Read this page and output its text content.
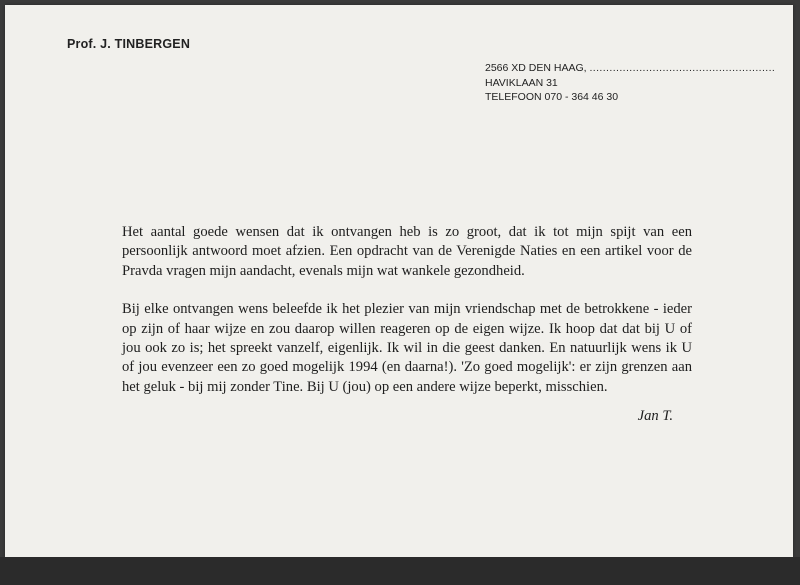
Prof. J. TINBERGEN
2566 XD DEN HAAG, ........................................................
HAVIKLAAN 31
TELEFOON 070 - 364 46 30

Het aantal goede wensen dat ik ontvangen heb is zo groot, dat ik tot mijn spijt van een persoonlijk antwoord moet afzien. Een opdracht van de Verenigde Naties en een artikel voor de Pravda vragen mijn aandacht, evenals mijn wat wankele gezondheid.

Bij elke ontvangen wens beleefde ik het plezier van mijn vriendschap met de betrokkene - ieder op zijn of haar wijze en zou daarop willen reageren op de eigen wijze. Ik hoop dat dat bij U of jou ook zo is; het spreekt vanzelf, eigenlijk. Ik wil in die geest danken. En natuurlijk wens ik U of jou evenzeer een zo goed mogelijk 1994 (en daarna!). 'Zo goed mogelijk': er zijn grenzen aan het geluk - bij mij zonder Tine. Bij U (jou) op een andere wijze beperkt, misschien.

Jan T.
